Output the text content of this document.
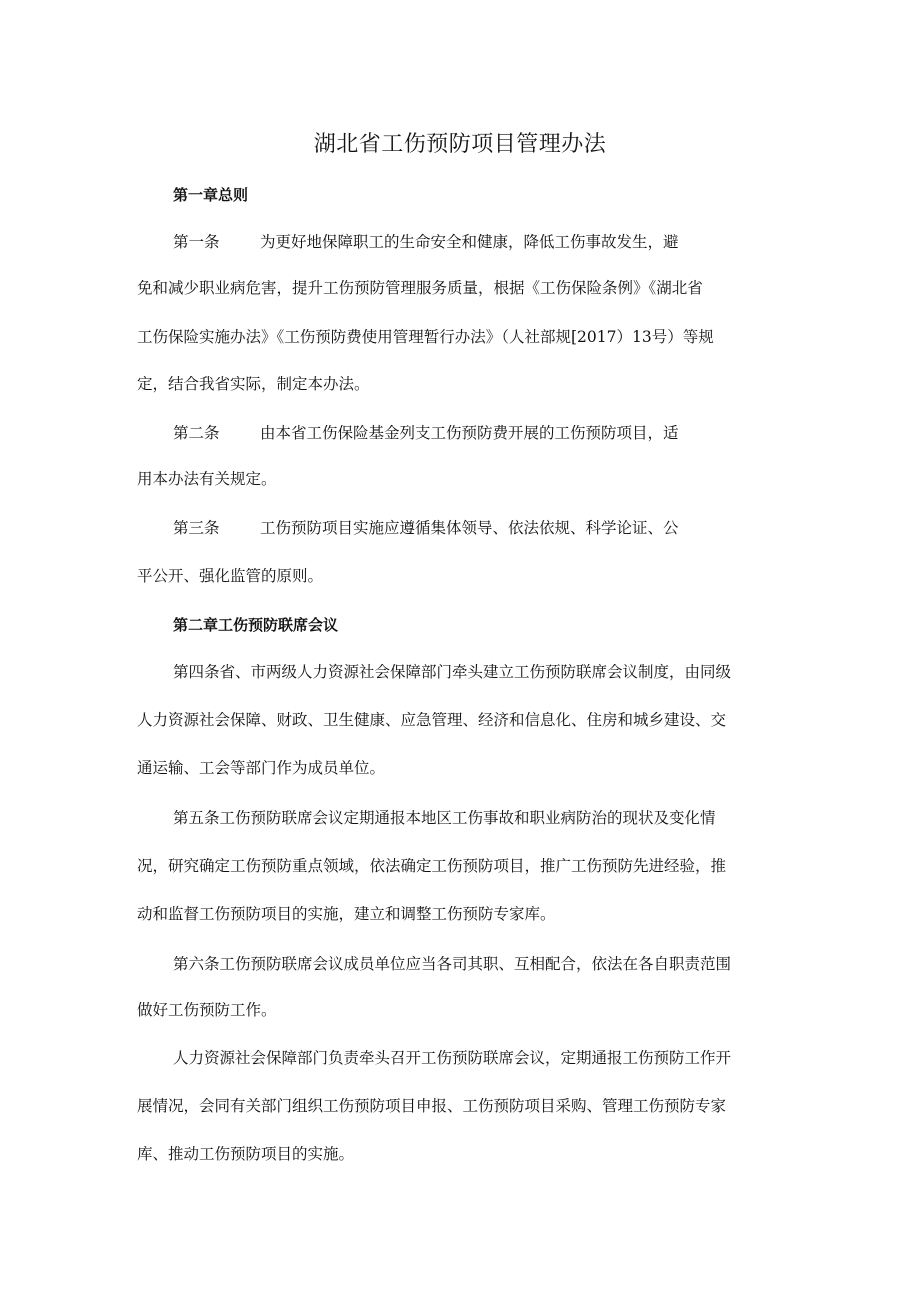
湖北省工伤预防项目管理办法
第一章总则
第一条	为更好地保障职工的生命安全和健康，降低工伤事故发生，避
免和减少职业病危害，提升工伤预防管理服务质量，根据《工伤保险条例》《湖北省
工伤保险实施办法》《工伤预防费使用管理暂行办法》（人社部规[2017）13号）等规
定，结合我省实际，制定本办法。
第二条	由本省工伤保险基金列支工伤预防费开展的工伤预防项目，适
用本办法有关规定。
第三条	工伤预防项目实施应遵循集体领导、依法依规、科学论证、公
平公开、强化监管的原则。
第二章工伤预防联席会议
第四条省、市两级人力资源社会保障部门牵头建立工伤预防联席会议制度，由同级
人力资源社会保障、财政、卫生健康、应急管理、经济和信息化、住房和城乡建设、交
通运输、工会等部门作为成员单位。
第五条工伤预防联席会议定期通报本地区工伤事故和职业病防治的现状及变化情
况，研究确定工伤预防重点领域，依法确定工伤预防项目，推广工伤预防先进经验，推
动和监督工伤预防项目的实施，建立和调整工伤预防专家库。
第六条工伤预防联席会议成员单位应当各司其职、互相配合，依法在各自职责范围
做好工伤预防工作。
人力资源社会保障部门负责牵头召开工伤预防联席会议，定期通报工伤预防工作开
展情况，会同有关部门组织工伤预防项目申报、工伤预防项目采购、管理工伤预防专家
库、推动工伤预防项目的实施。
